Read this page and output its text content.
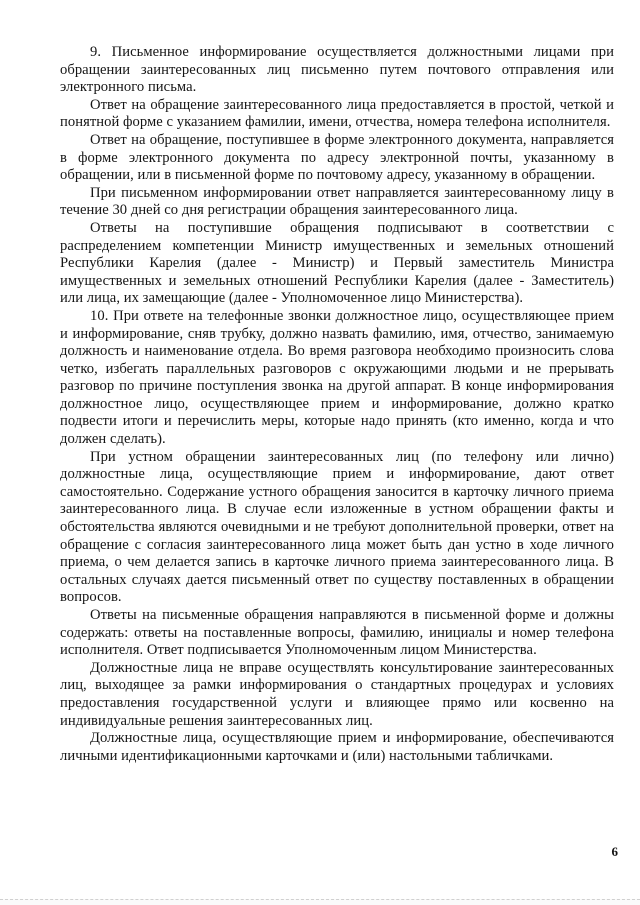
9. Письменное информирование осуществляется должностными лицами при обращении заинтересованных лиц письменно путем почтового отправления или электронного письма.

Ответ на обращение заинтересованного лица предоставляется в простой, четкой и понятной форме с указанием фамилии, имени, отчества, номера телефона исполнителя.

Ответ на обращение, поступившее в форме электронного документа, направляется в форме электронного документа по адресу электронной почты, указанному в обращении, или в письменной форме по почтовому адресу, указанному в обращении.

При письменном информировании ответ направляется заинтересованному лицу в течение 30 дней со дня регистрации обращения заинтересованного лица.

Ответы на поступившие обращения подписывают в соответствии с распределением компетенции Министр имущественных и земельных отношений Республики Карелия (далее - Министр) и Первый заместитель Министра имущественных и земельных отношений Республики Карелия (далее - Заместитель) или лица, их замещающие (далее - Уполномоченное лицо Министерства).

10. При ответе на телефонные звонки должностное лицо, осуществляющее прием и информирование, сняв трубку, должно назвать фамилию, имя, отчество, занимаемую должность и наименование отдела. Во время разговора необходимо произносить слова четко, избегать параллельных разговоров с окружающими людьми и не прерывать разговор по причине поступления звонка на другой аппарат. В конце информирования должностное лицо, осуществляющее прием и информирование, должно кратко подвести итоги и перечислить меры, которые надо принять (кто именно, когда и что должен сделать).

При устном обращении заинтересованных лиц (по телефону или лично) должностные лица, осуществляющие прием и информирование, дают ответ самостоятельно. Содержание устного обращения заносится в карточку личного приема заинтересованного лица. В случае если изложенные в устном обращении факты и обстоятельства являются очевидными и не требуют дополнительной проверки, ответ на обращение с согласия заинтересованного лица может быть дан устно в ходе личного приема, о чем делается запись в карточке личного приема заинтересованного лица. В остальных случаях дается письменный ответ по существу поставленных в обращении вопросов.

Ответы на письменные обращения направляются в письменной форме и должны содержать: ответы на поставленные вопросы, фамилию, инициалы и номер телефона исполнителя. Ответ подписывается Уполномоченным лицом Министерства.

Должностные лица не вправе осуществлять консультирование заинтересованных лиц, выходящее за рамки информирования о стандартных процедурах и условиях предоставления государственной услуги и влияющее прямо или косвенно на индивидуальные решения заинтересованных лиц.

Должностные лица, осуществляющие прием и информирование, обеспечиваются личными идентификационными карточками и (или) настольными табличками.

6
